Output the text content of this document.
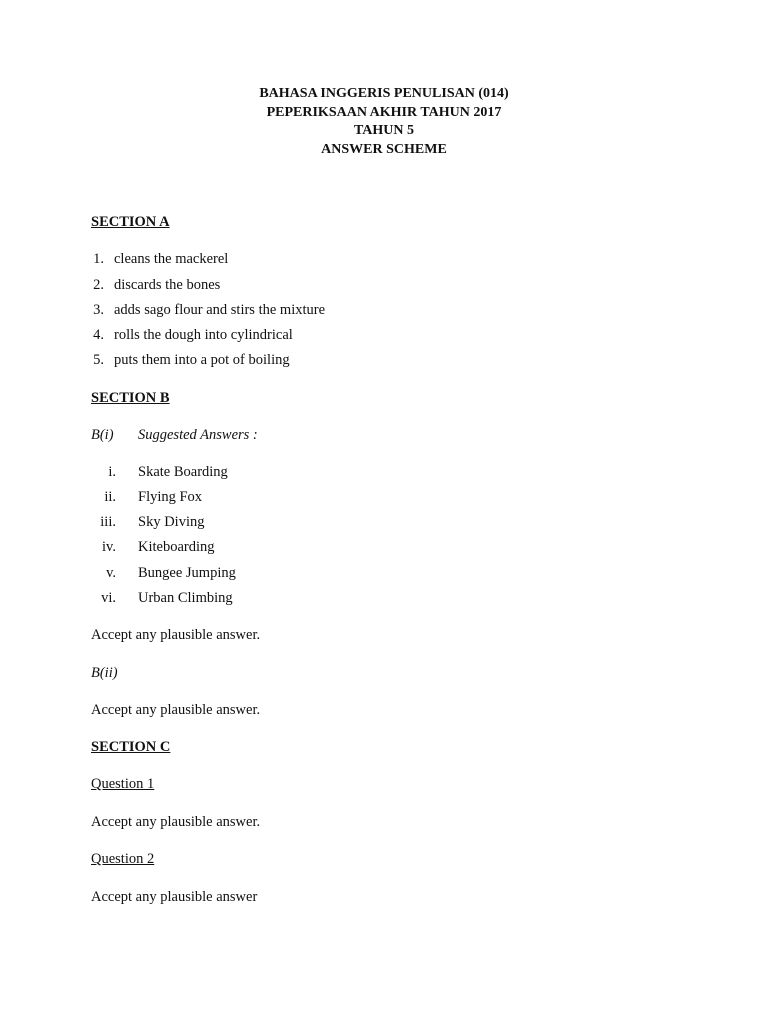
BAHASA INGGERIS PENULISAN (014)
PEPERIKSAAN AKHIR TAHUN 2017
TAHUN 5
ANSWER SCHEME
SECTION A
1. cleans the mackerel
2. discards the bones
3. adds sago flour and stirs the mixture
4. rolls the dough into cylindrical
5. puts them into a pot of boiling
SECTION B
B(i) Suggested Answers :
i. Skate Boarding
ii. Flying Fox
iii. Sky Diving
iv. Kiteboarding
v. Bungee Jumping
vi. Urban Climbing
Accept any plausible answer.
B(ii)
Accept any plausible answer.
SECTION C
Question 1
Accept any plausible answer.
Question 2
Accept any plausible answer
